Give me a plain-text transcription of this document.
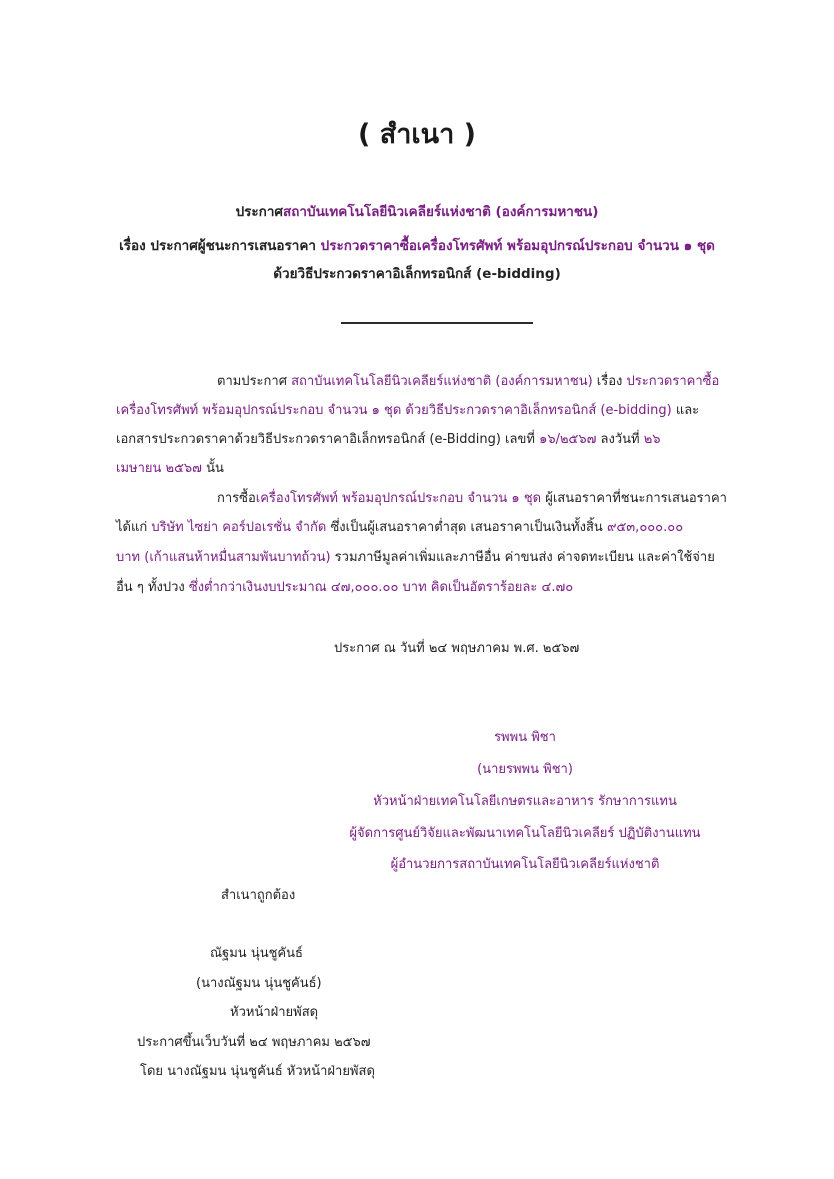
( สำเนา )
ประกาศสถาบันเทคโนโลยีนิวเคลียร์แห่งชาติ (องค์การมหาชน)
เรื่อง ประกาศผู้ชนะการเสนอราคา ประกวดราคาซื้อเครื่องโทรศัพท์ พร้อมอุปกรณ์ประกอบ จำนวน ๑ ชุด
ด้วยวิธีประกวดราคาอิเล็กทรอนิกส์ (e-bidding)
ตามประกาศ สถาบันเทคโนโลยีนิวเคลียร์แห่งชาติ (องค์การมหาชน) เรื่อง ประกวดราคาซื้อ
เครื่องโทรศัพท์ พร้อมอุปกรณ์ประกอบ จำนวน ๑ ชุด ด้วยวิธีประกวดราคาอิเล็กทรอนิกส์ (e-bidding) และ
เอกสารประกวดราคาด้วยวิธีประกวดราคาอิเล็กทรอนิกส์ (e-Bidding) เลขที่ ๑๖/๒๕๖๗ ลงวันที่ ๒๖
เมษายน ๒๕๖๗ นั้น
การซื้อเครื่องโทรศัพท์ พร้อมอุปกรณ์ประกอบ จำนวน ๑ ชุด ผู้เสนอราคาที่ชนะการเสนอราคา
ได้แก่ บริษัท ไซย่า คอร์ปอเรชั่น จำกัด ซึ่งเป็นผู้เสนอราคาต่ำสุด เสนอราคาเป็นเงินทั้งสิ้น ๙๕๓,๐๐๐.๐๐
บาท (เก้าแสนห้าหมื่นสามพันบาทถ้วน) รวมภาษีมูลค่าเพิ่มและภาษีอื่น ค่าขนส่ง ค่าจดทะเบียน และค่าใช้จ่าย
อื่น ๆ ทั้งปวง ซึ่งต่ำกว่าเงินงบประมาณ ๔๗,๐๐๐.๐๐ บาท คิดเป็นอัตราร้อยละ ๔.๗๐
ประกาศ ณ วันที่ ๒๔ พฤษภาคม พ.ศ. ๒๕๖๗
รพพน พิชา
(นายรพพน พิชา)
หัวหน้าฝ่ายเทคโนโลยีเกษตรและอาหาร รักษาการแทน
ผู้จัดการศูนย์วิจัยและพัฒนาเทคโนโลยีนิวเคลียร์ ปฏิบัติงานแทน
ผู้อำนวยการสถาบันเทคโนโลยีนิวเคลียร์แห่งชาติ
สำเนาถูกต้อง
ณัฐมน นุ่นชูคันธ์
(นางณัฐมน นุ่นชูคันธ์)
หัวหน้าฝ่ายพัสดุ
ประกาศขึ้นเว็บวันที่ ๒๔ พฤษภาคม ๒๕๖๗
โดย นางณัฐมน นุ่นชูคันธ์ หัวหน้าฝ่ายพัสดุ
